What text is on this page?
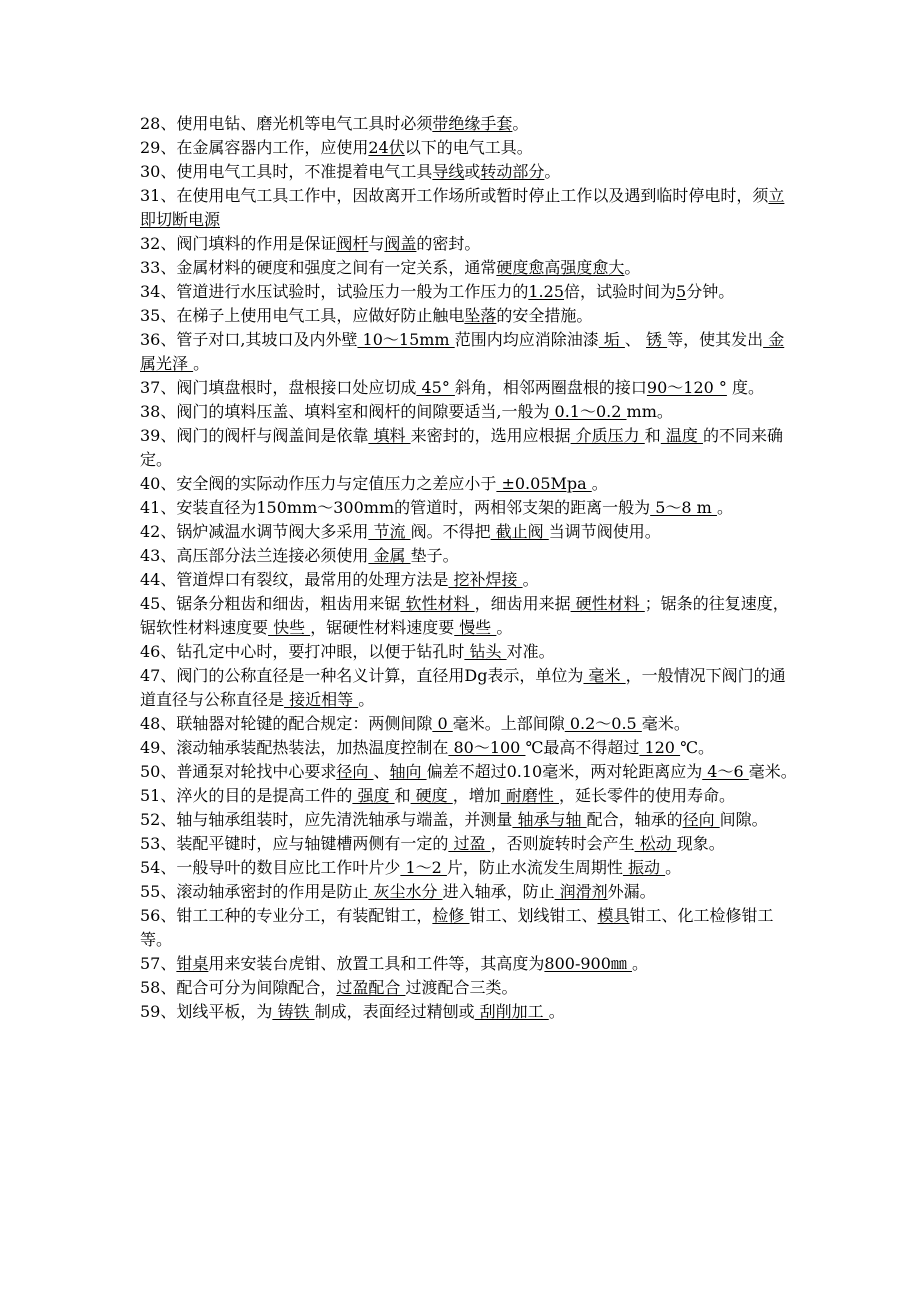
28、使用电钻、磨光机等电气工具时必须带绝缘手套。

29、在金属容器内工作，应使用24伏以下的电气工具。

30、使用电气工具时，不准提着电气工具导线或转动部分。

31、在使用电气工具工作中，因故离开工作场所或暂时停止工作以及遇到临时停电时，须立即切断电源

32、阀门填料的作用是保证阀杆与阀盖的密封。

33、金属材料的硬度和强度之间有一定关系，通常硬度愈高强度愈大。

34、管道进行水压试验时，试验压力一般为工作压力的1.25倍，试验时间为5分钟。

35、在梯子上使用电气工具，应做好防止触电坠落的安全措施。

36、管子对口,其坡口及内外壁 10～15mm 范围内均应消除油漆 垢 、 锈 等，使其发出 金属光泽 。

37、阀门填盘根时，盘根接口处应切成 45° 斜角，相邻两圈盘根的接口90～120 ° 度。

38、阀门的填料压盖、填料室和阀杆的间隙要适当,一般为 0.1～0.2 mm。

39、阀门的阀杆与阀盖间是依靠 填料 来密封的，选用应根据 介质压力 和 温度 的不同来确定。

40、安全阀的实际动作压力与定值压力之差应小于 ±0.05Mpa 。

41、安装直径为150mm～300mm的管道时，两相邻支架的距离一般为 5～8 m 。

42、锅炉减温水调节阀大多采用 节流 阀。不得把 截止阀 当调节阀使用。

43、高压部分法兰连接必须使用 金属 垫子。

44、管道焊口有裂纹，最常用的处理方法是 挖补焊接 。

45、锯条分粗齿和细齿，粗齿用来锯 软性材料 ，细齿用来据 硬性材料 ；锯条的往复速度，锯软性材料速度要 快些 ，锯硬性材料速度要 慢些 。

46、钻孔定中心时，要打冲眼，以便于钻孔时 钻头 对准。

47、阀门的公称直径是一种名义计算，直径用Dg表示，单位为 毫米 ，一般情况下阀门的通道直径与公称直径是 接近相等 。

48、联轴器对轮键的配合规定：两侧间隙 0 毫米。上部间隙 0.2～0.5 毫米。

49、滚动轴承装配热装法，加热温度控制在 80～100 ℃最高不得超过 120 ℃。

50、普通泵对轮找中心要求径向 、轴向 偏差不超过0.10毫米，两对轮距离应为 4～6 毫米。

51、淬火的目的是提高工件的 强度 和 硬度 ，增加 耐磨性 ，延长零件的使用寿命。

52、轴与轴承组装时，应先清洗轴承与端盖，并测量 轴承与轴 配合，轴承的径向 间隙。

53、装配平键时，应与轴键槽两侧有一定的 过盈 ，否则旋转时会产生 松动 现象。

54、一般导叶的数目应比工作叶片少 1～2 片，防止水流发生周期性 振动 。

55、滚动轴承密封的作用是防止 灰尘水分 进入轴承，防止 润滑剂外漏。

56、钳工工种的专业分工，有装配钳工，检修 钳工、划线钳工、模具钳工、化工检修钳工等。

57、钳桌用来安装台虎钳、放置工具和工件等，其高度为800-900㎜ 。

58、配合可分为间隙配合，过盈配合 过渡配合三类。

59、划线平板，为 铸铁 制成，表面经过精刨或 刮削加工 。
